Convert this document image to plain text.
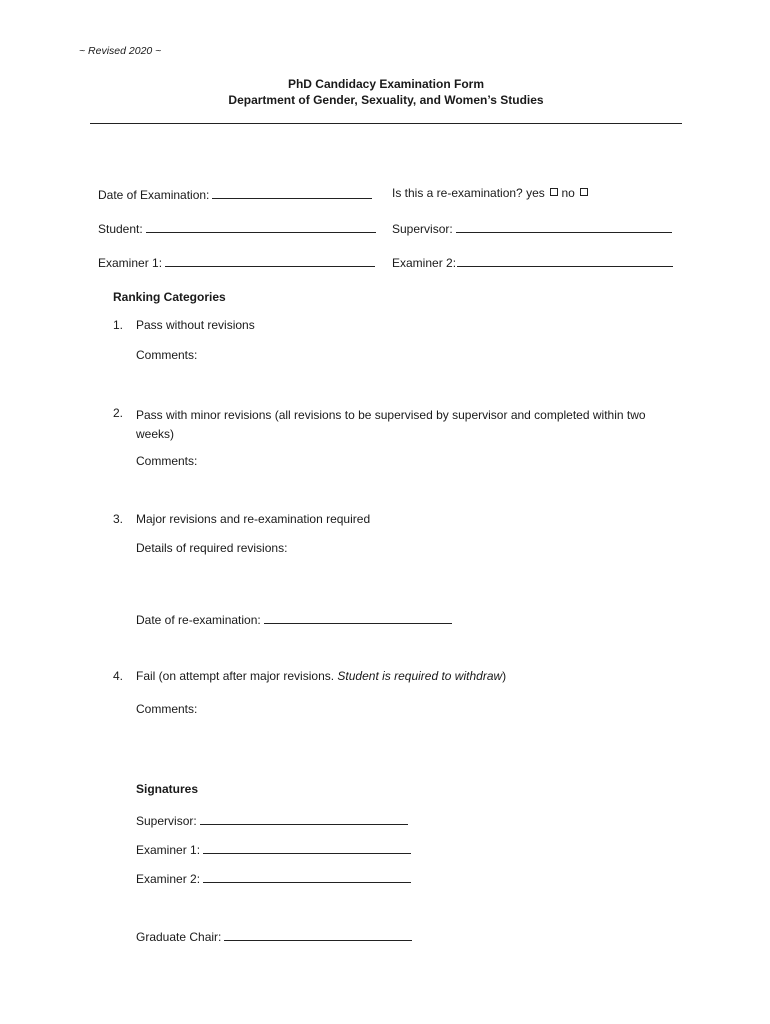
~ Revised 2020 ~
PhD Candidacy Examination Form
Department of Gender, Sexuality, and Women’s Studies
Date of Examination:	Is this a re-examination? yes no
Student:	Supervisor:
Examiner 1:	Examiner 2:
Ranking Categories
1. Pass without revisions
Comments:
2. Pass with minor revisions (all revisions to be supervised by supervisor and completed within two weeks)
Comments:
3. Major revisions and re-examination required
Details of required revisions:
Date of re-examination:
4. Fail (on attempt after major revisions. Student is required to withdraw)
Comments:
Signatures
Supervisor:
Examiner 1:
Examiner 2:
Graduate Chair:
